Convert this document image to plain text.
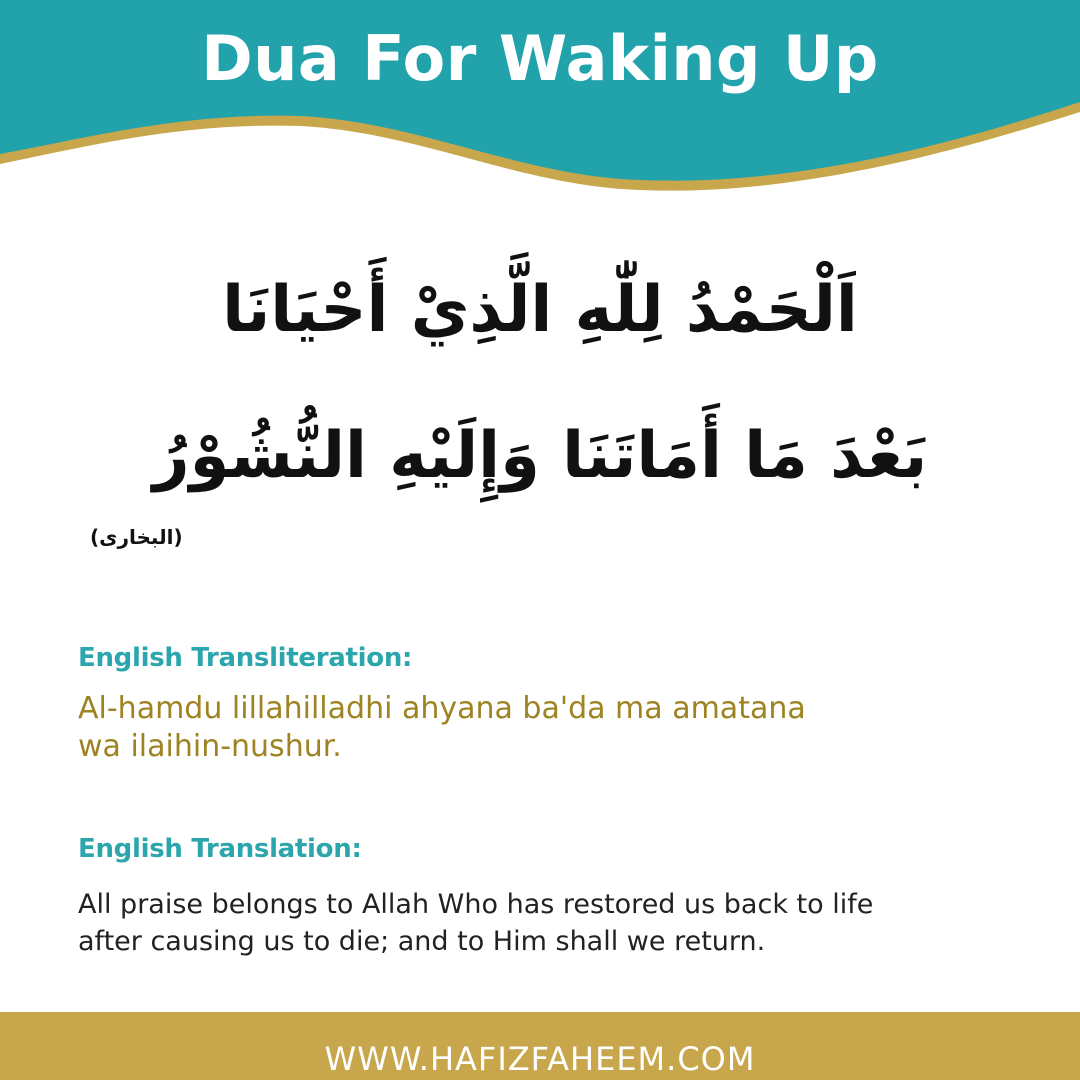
Dua For Waking Up
اَلْحَمْدُ لِلّٰهِ الَّذِيْ أَحْيَانَا
بَعْدَ مَا أَمَاتَنَا وَإِلَيْهِ النُّشُوْرُ
(البخاری)
English Transliteration:
Al-hamdu lillahilladhi ahyana ba'da ma amatana
wa ilaihin-nushur.
English Translation:
All praise belongs to Allah Who has restored us back to life
after causing us to die; and to Him shall we return.
WWW.HAFIZFAHEEM.COM
